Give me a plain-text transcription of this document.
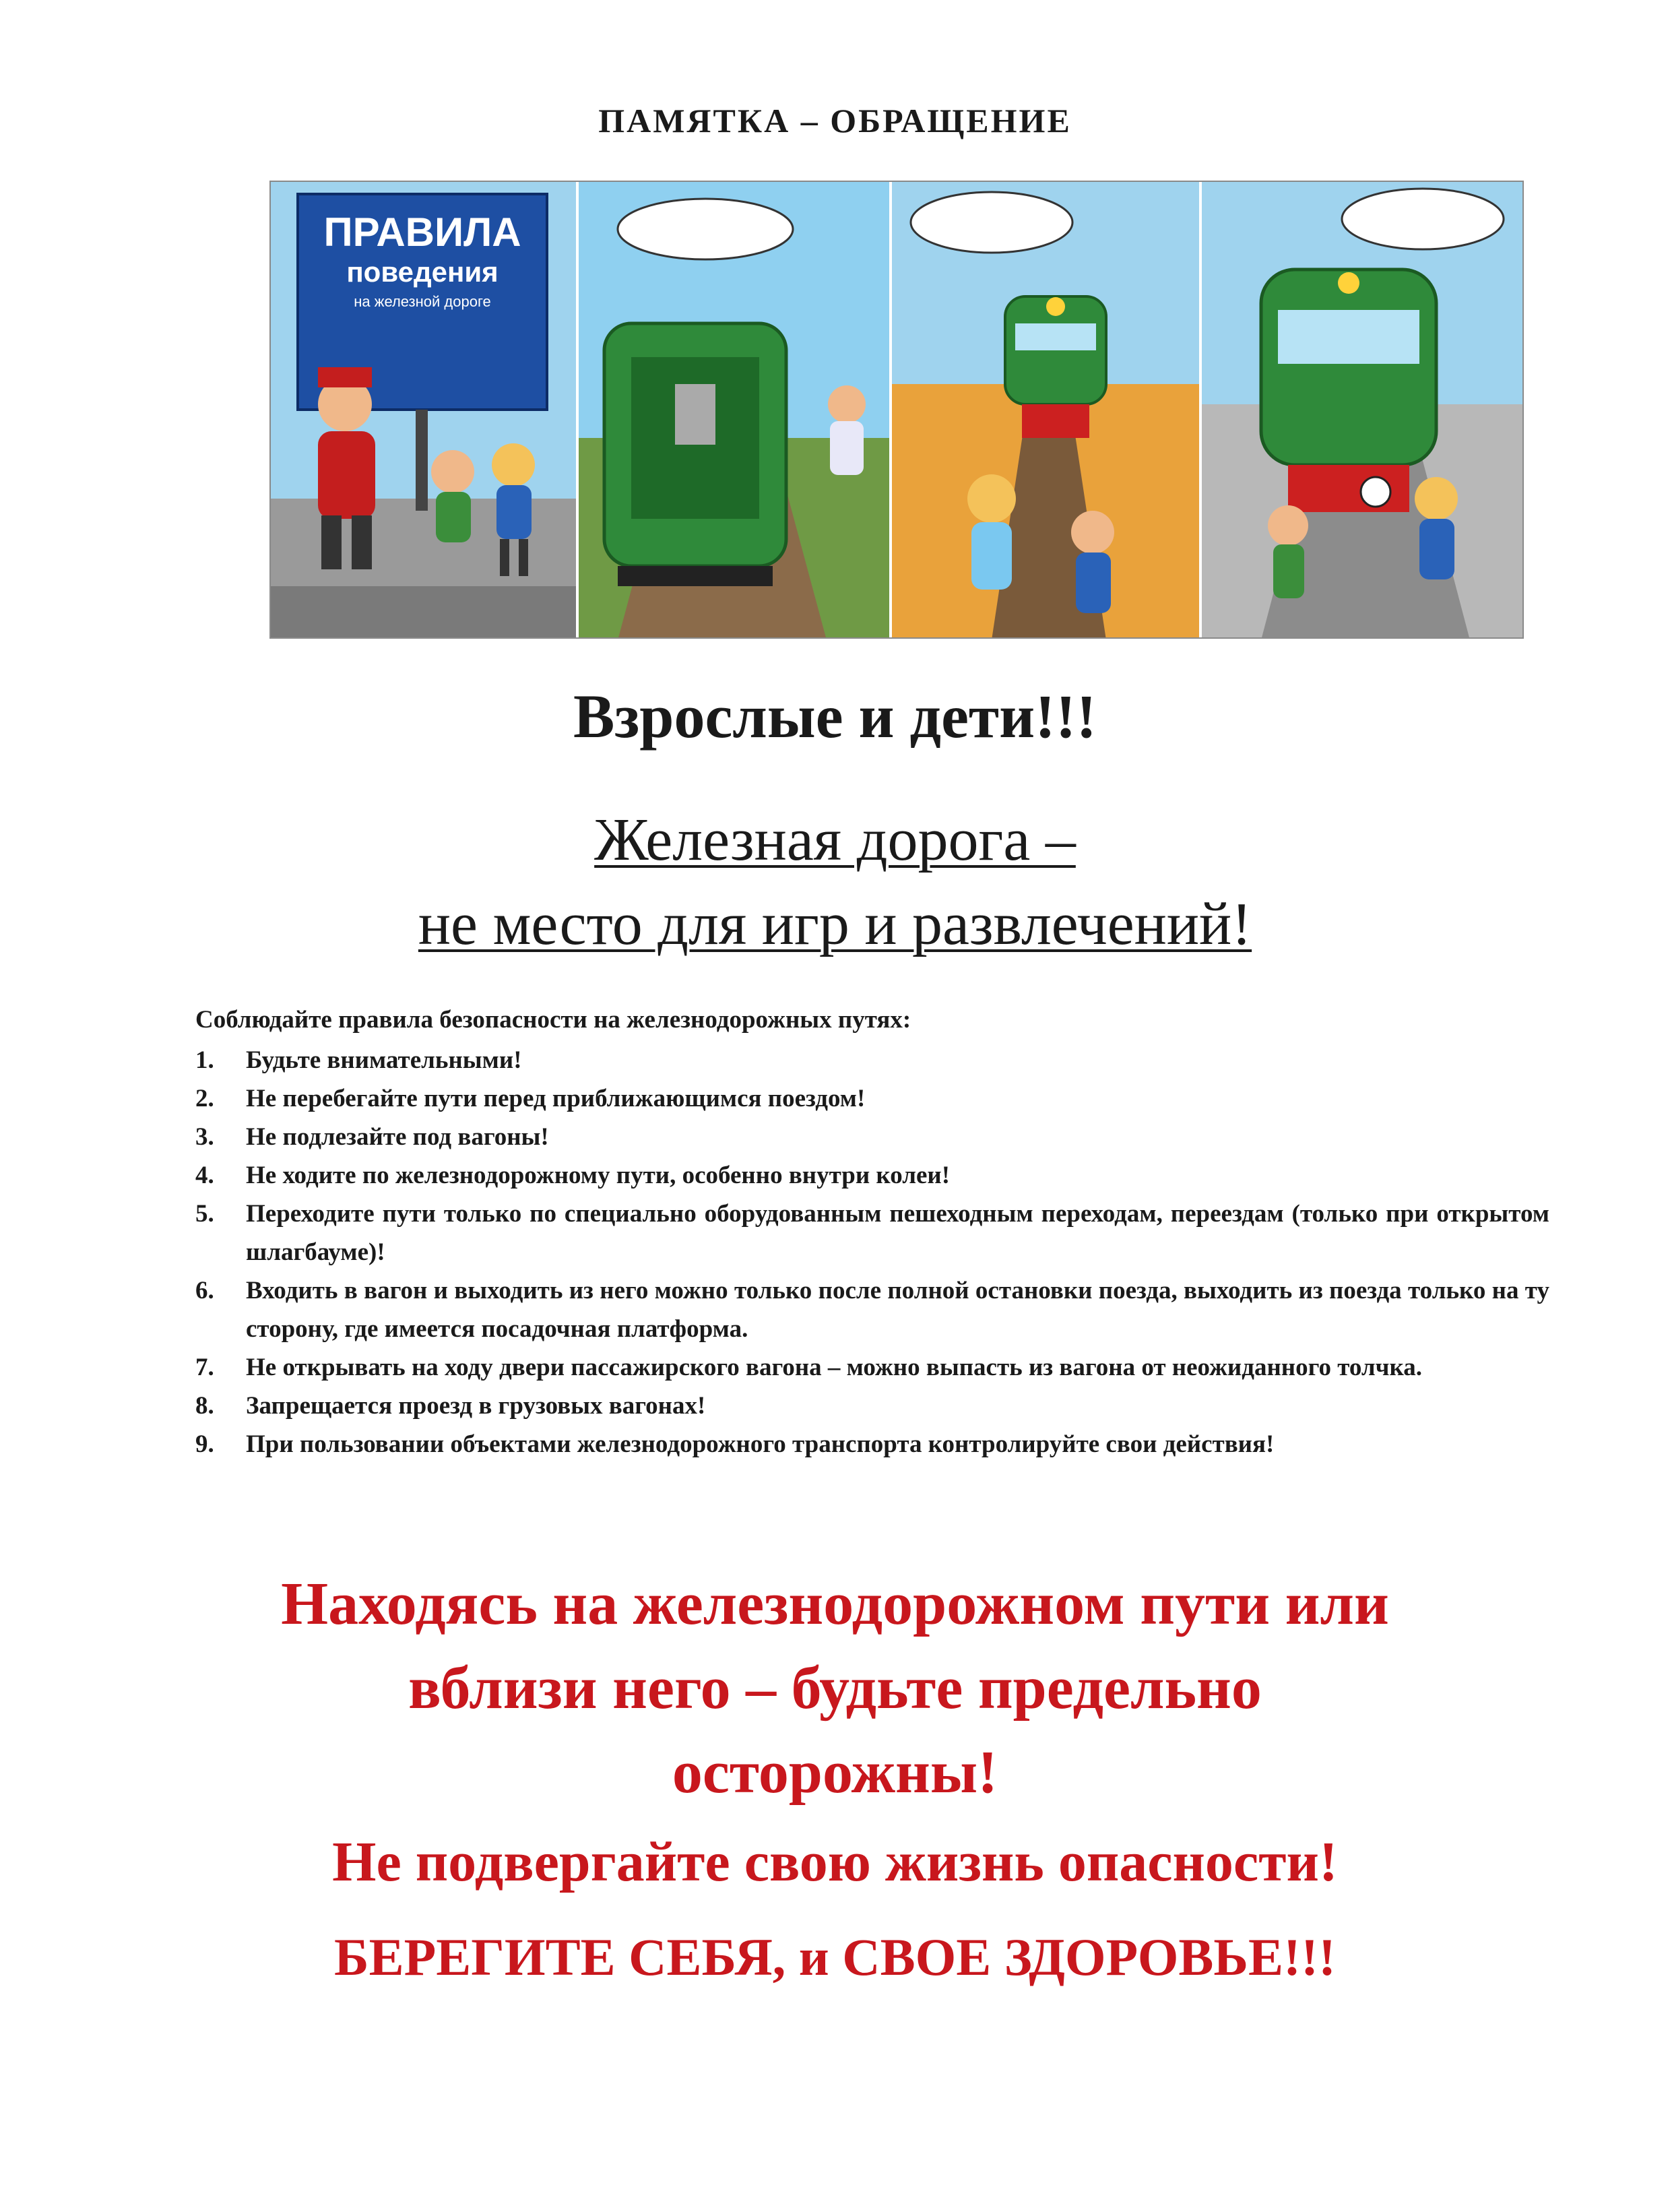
ПАМЯТКА – ОБРАЩЕНИЕ
ПРАВИЛА
поведения
на железной дороге
Взрослые и дети!!!
Железная дорога –
не место для игр и развлечений!
Соблюдайте правила безопасности на железнодорожных путях:
1. Будьте внимательными!
2. Не перебегайте пути перед приближающимся поездом!
3. Не подлезайте под вагоны!
4. Не ходите по железнодорожному пути, особенно внутри колеи!
5. Переходите пути только по специально оборудованным пешеходным переходам, переездам (только при открытом шлагбауме)!
6. Входить в вагон и выходить из него можно только после полной остановки поезда, выходить из поезда только на ту сторону, где имеется посадочная платформа.
7. Не открывать на ходу двери пассажирского вагона – можно выпасть из вагона от неожиданного толчка.
8. Запрещается проезд в грузовых вагонах!
9. При пользовании объектами железнодорожного транспорта контролируйте свои действия!
Находясь на железнодорожном пути или
вблизи него – будьте предельно
осторожны!
Не подвергайте свою жизнь опасности!
БЕРЕГИТЕ СЕБЯ, и СВОЕ ЗДОРОВЬЕ!!!
